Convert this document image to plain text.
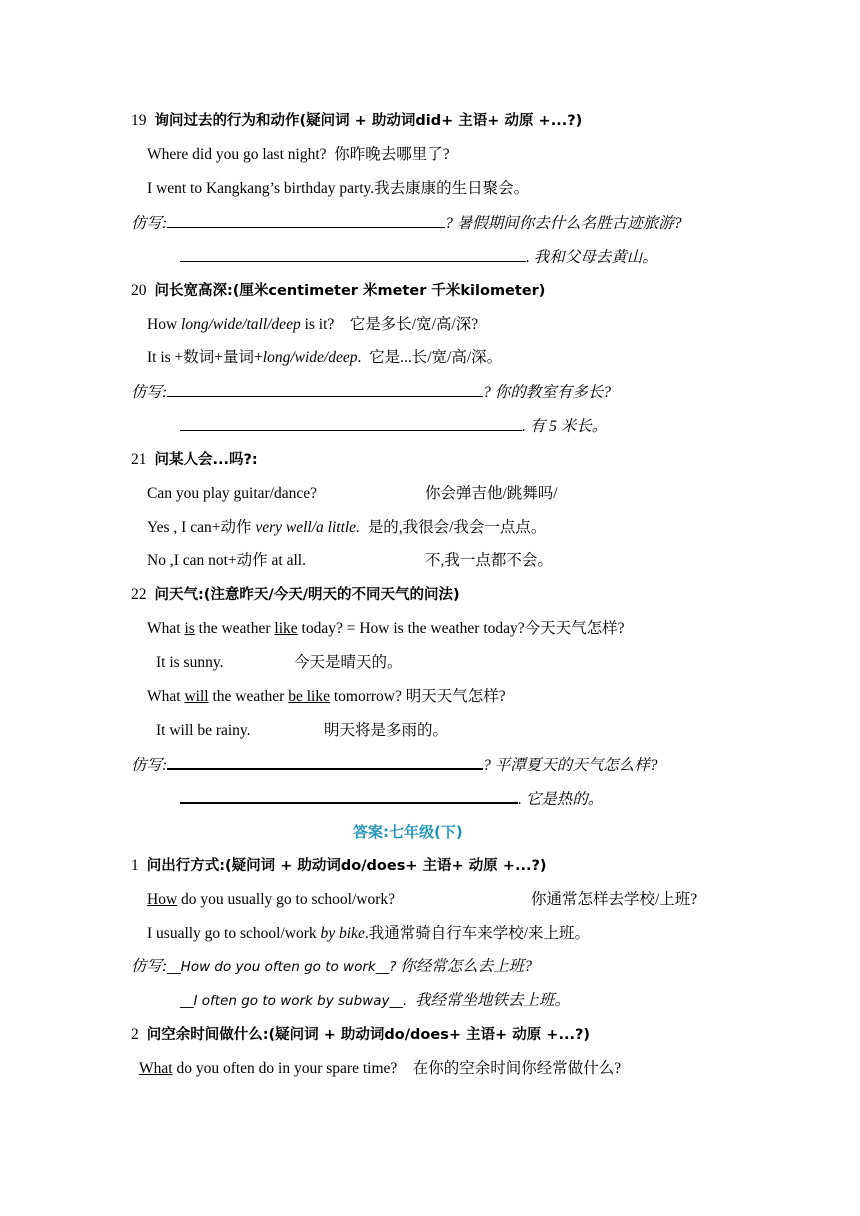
19 询问过去的行为和动作(疑问词 + 助动词did+ 主语+ 动原 +...?)
Where did you go last night? 你昨晚去哪里了?
I went to Kangkang’s birthday party.我去康康的生日聚会。
仿写:	? 暑假期间你去什么名胜古迹旅游?
. 我和父母去黄山。
20 问长宽高深:(厘米centimeter 米meter 千米kilometer)
How long/wide/tall/deep is it? 它是多长/宽/高/深?
It is +数词+量词+long/wide/deep. 它是...长/宽/高/深。
仿写:	? 你的教室有多长?
. 有 5 米长。
21 问某人会...吗?:
Can you play guitar/dance?	你会弹吉他/跳舞吗/
Yes , I can+动作 very well/a little. 是的,我很会/我会一点点。
No ,I can not+动作 at all.	不,我一点都不会。
22 问天气:(注意昨天/今天/明天的不同天气的问法)
What is the weather like today? = How is the weather today?今天天气怎样?
It is sunny.	今天是晴天的。
What will the weather be like tomorrow? 明天天气怎样?
It will be rainy.	明天将是多雨的。
仿写:	? 平潭夏天的天气怎么样?
. 它是热的。
答案:七年级(下)
1 问出行方式:(疑问词 + 助动词do/does+ 主语+ 动原 +...?)
How do you usually go to school/work?	你通常怎样去学校/上班?
I usually go to school/work by bike.我通常骑自行车来学校/来上班。
仿写:__How do you often go to work__? 你经常怎么去上班?
__I often go to work by subway__. 我经常坐地铁去上班。
2 问空余时间做什么:(疑问词 + 助动词do/does+ 主语+ 动原 +...?)
What do you often do in your spare time? 在你的空余时间你经常做什么?
